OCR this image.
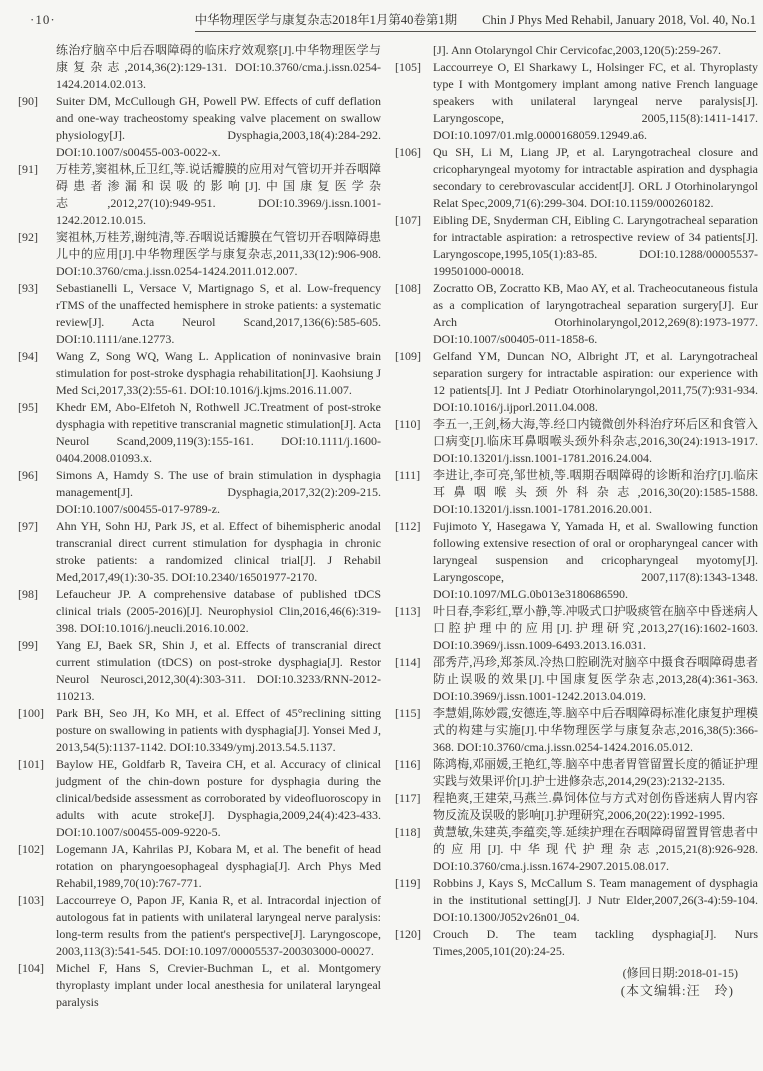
·10·	中华物理医学与康复杂志2018年1月第40卷第1期　　Chin J Phys Med Rehabil, January 2018, Vol. 40, No.1
练治疗脑卒中后吞咽障碍的临床疗效观察[J].中华物理医学与康复杂志,2014,36(2):129-131. DOI:10.3760/cma.j.issn.0254-1424.2014.02.013.
[90]	Suiter DM, McCullough GH, Powell PW. Effects of cuff deflation and one-way tracheostomy speaking valve placement on swallow physiology[J]. Dysphagia,2003,18(4):284-292. DOI:10.1007/s00455-003-0022-x.
[91]	万桂芳,窦祖林,丘卫红,等.说话瓣膜的应用对气管切开并吞咽障碍患者渗漏和误吸的影响[J].中国康复医学杂志,2012,27(10):949-951. DOI:10.3969/j.issn.1001-1242.2012.10.015.
[92]	窦祖林,万桂芳,谢纯清,等.吞咽说话瓣膜在气管切开吞咽障碍患儿中的应用[J].中华物理医学与康复杂志,2011,33(12):906-908. DOI:10.3760/cma.j.issn.0254-1424.2011.012.007.
[93]	Sebastianelli L, Versace V, Martignago S, et al. Low-frequency rTMS of the unaffected hemisphere in stroke patients: a systematic review[J]. Acta Neurol Scand,2017,136(6):585-605. DOI:10.1111/ane.12773.
[94]	Wang Z, Song WQ, Wang L. Application of noninvasive brain stimulation for post-stroke dysphagia rehabilitation[J]. Kaohsiung J Med Sci,2017,33(2):55-61. DOI:10.1016/j.kjms.2016.11.007.
[95]	Khedr EM, Abo-Elfetoh N, Rothwell JC.Treatment of post-stroke dysphagia with repetitive transcranial magnetic stimulation[J]. Acta Neurol Scand,2009,119(3):155-161. DOI:10.1111/j.1600-0404.2008.01093.x.
[96]	Simons A, Hamdy S. The use of brain stimulation in dysphagia management[J]. Dysphagia,2017,32(2):209-215. DOI:10.1007/s00455-017-9789-z.
[97]	Ahn YH, Sohn HJ, Park JS, et al. Effect of bihemispheric anodal transcranial direct current stimulation for dysphagia in chronic stroke patients: a randomized clinical trial[J]. J Rehabil Med,2017,49(1):30-35. DOI:10.2340/16501977-2170.
[98]	Lefaucheur JP. A comprehensive database of published tDCS clinical trials (2005-2016)[J]. Neurophysiol Clin,2016,46(6):319-398. DOI:10.1016/j.neucli.2016.10.002.
[99]	Yang EJ, Baek SR, Shin J, et al. Effects of transcranial direct current stimulation (tDCS) on post-stroke dysphagia[J]. Restor Neurol Neurosci,2012,30(4):303-311. DOI:10.3233/RNN-2012-110213.
[100]	Park BH, Seo JH, Ko MH, et al. Effect of 45°reclining sitting posture on swallowing in patients with dysphagia[J]. Yonsei Med J, 2013,54(5):1137-1142. DOI:10.3349/ymj.2013.54.5.1137.
[101]	Baylow HE, Goldfarb R, Taveira CH, et al. Accuracy of clinical judgment of the chin-down posture for dysphagia during the clinical/bedside assessment as corroborated by videofluoroscopy in adults with acute stroke[J]. Dysphagia,2009,24(4):423-433. DOI:10.1007/s00455-009-9220-5.
[102]	Logemann JA, Kahrilas PJ, Kobara M, et al. The benefit of head rotation on pharyngoesophageal dysphagia[J]. Arch Phys Med Rehabil,1989,70(10):767-771.
[103]	Laccourreye O, Papon JF, Kania R, et al. Intracordal injection of autologous fat in patients with unilateral laryngeal nerve paralysis: long-term results from the patient's perspective[J]. Laryngoscope, 2003,113(3):541-545. DOI:10.1097/00005537-200303000-00027.
[104]	Michel F, Hans S, Crevier-Buchman L, et al. Montgomery thyroplasty implant under local anesthesia for unilateral laryngeal paralysis
[J]. Ann Otolaryngol Chir Cervicofac,2003,120(5):259-267.
[105]	Laccourreye O, El Sharkawy L, Holsinger FC, et al. Thyroplasty type I with Montgomery implant among native French language speakers with unilateral laryngeal nerve paralysis[J]. Laryngoscope, 2005,115(8):1411-1417. DOI:10.1097/01.mlg.0000168059.12949.a6.
[106]	Qu SH, Li M, Liang JP, et al. Laryngotracheal closure and cricopharyngeal myotomy for intractable aspiration and dysphagia secondary to cerebrovascular accident[J]. ORL J Otorhinolaryngol Relat Spec,2009,71(6):299-304. DOI:10.1159/000260182.
[107]	Eibling DE, Snyderman CH, Eibling C. Laryngotracheal separation for intractable aspiration: a retrospective review of 34 patients[J]. Laryngoscope,1995,105(1):83-85. DOI:10.1288/00005537-199501000-00018.
[108]	Zocratto OB, Zocratto KB, Mao AY, et al. Tracheocutaneous fistula as a complication of laryngotracheal separation surgery[J]. Eur Arch Otorhinolaryngol,2012,269(8):1973-1977. DOI:10.1007/s00405-011-1858-6.
[109]	Gelfand YM, Duncan NO, Albright JT, et al. Laryngotracheal separation surgery for intractable aspiration: our experience with 12 patients[J]. Int J Pediatr Otorhinolaryngol,2011,75(7):931-934. DOI:10.1016/j.ijporl.2011.04.008.
[110]	李五一,王剑,杨大海,等.经口内镜微创外科治疗环后区和食管入口病变[J].临床耳鼻咽喉头颈外科杂志,2016,30(24):1913-1917. DOI:10.13201/j.issn.1001-1781.2016.24.004.
[111]	李进让,李可亮,邹世桢,等.咽期吞咽障碍的诊断和治疗[J].临床耳鼻咽喉头颈外科杂志,2016,30(20):1585-1588. DOI:10.13201/j.issn.1001-1781.2016.20.001.
[112]	Fujimoto Y, Hasegawa Y, Yamada H, et al. Swallowing function following extensive resection of oral or oropharyngeal cancer with laryngeal suspension and cricopharyngeal myotomy[J]. Laryngoscope, 2007,117(8):1343-1348. DOI:10.1097/MLG.0b013e3180686590.
[113]	叶日春,李彩红,覃小静,等.冲吸式口护吸痰管在脑卒中昏迷病人口腔护理中的应用[J].护理研究,2013,27(16):1602-1603. DOI:10.3969/j.issn.1009-6493.2013.16.031.
[114]	邵秀芹,冯珍,郑茶凤.冷热口腔刷洗对脑卒中摄食吞咽障碍患者防止误吸的效果[J].中国康复医学杂志,2013,28(4):361-363. DOI:10.3969/j.issn.1001-1242.2013.04.019.
[115]	李慧娟,陈妙霞,安德连,等.脑卒中后吞咽障碍标准化康复护理模式的构建与实施[J].中华物理医学与康复杂志,2016,38(5):366-368. DOI:10.3760/cma.j.issn.0254-1424.2016.05.012.
[116]	陈鸿梅,邓丽媛,王艳红,等.脑卒中患者胃管留置长度的循证护理实践与效果评价[J].护士进修杂志,2014,29(23):2132-2135.
[117]	程艳爽,王建荣,马燕兰.鼻饲体位与方式对创伤昏迷病人胃内容物反流及误吸的影响[J].护理研究,2006,20(22):1992-1995.
[118]	黄慧敏,朱建英,李蕴奕,等.延续护理在吞咽障碍留置胃管患者中的应用[J].中华现代护理杂志,2015,21(8):926-928. DOI:10.3760/cma.j.issn.1674-2907.2015.08.017.
[119]	Robbins J, Kays S, McCallum S. Team management of dysphagia in the institutional setting[J]. J Nutr Elder,2007,26(3-4):59-104. DOI:10.1300/J052v26n01_04.
[120]	Crouch D. The team tackling dysphagia[J]. Nurs Times,2005,101(20):24-25.
(修回日期:2018-01-15)
(本文编辑:汪　玲)
